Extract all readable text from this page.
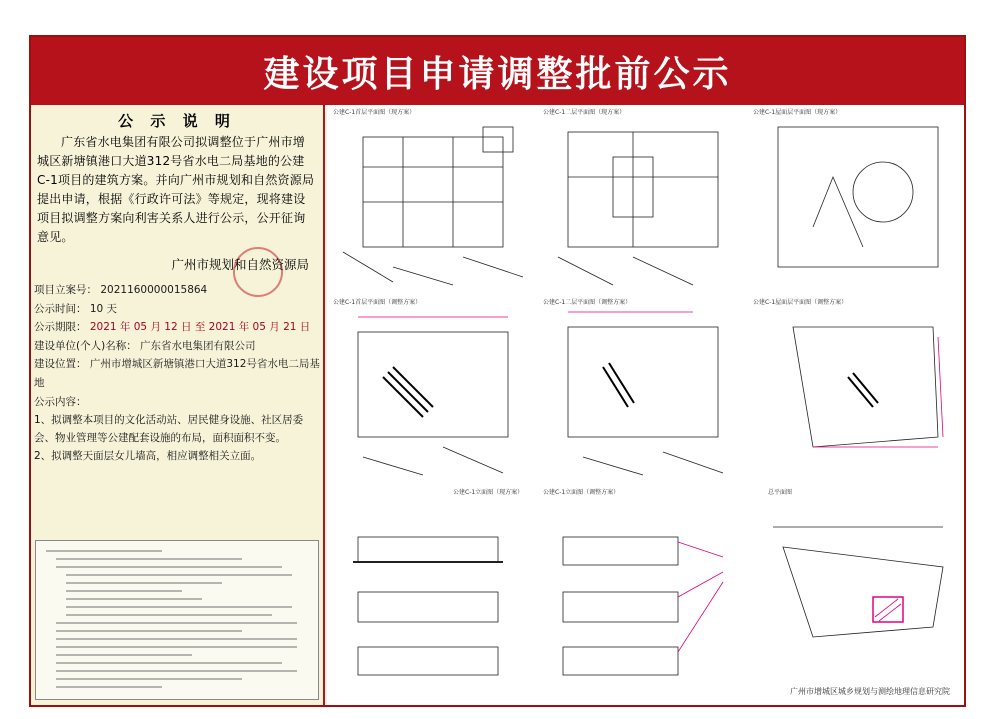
建设项目申请调整批前公示
公 示 说 明
广东省水电集团有限公司拟调整位于广州市增城区新塘镇港口大道312号省水电二局基地的公建C-1项目的建筑方案。并向广州市规划和自然资源局提出申请，根据《行政许可法》等规定，现将建设项目拟调整方案向利害关系人进行公示，公开征询意见。
广州市规划和自然资源局
项目立案号： 2021160000015864
公示时间： 10 天
公示期限： 2021 年 05 月 12 日 至 2021 年 05 月 21 日
建设单位(个人)名称： 广东省水电集团有限公司
建设位置： 广州市增城区新塘镇港口大道312号省水电二局基地
公示内容：
1、拟调整本项目的文化活动站、居民健身设施、社区居委会、物业管理等公建配套设施的布局，面积面积不变。
2、拟调整天面层女儿墙高，相应调整相关立面。
公建C-1首层平面图（现方案）	公建C-1二层平面图（现方案）	公建C-1屋面层平面图（现方案）
公建C-1首层平面图（调整方案）	公建C-1二层平面图（调整方案）	公建C-1屋面层平面图（调整方案）
公建C-1立面图（现方案）	公建C-1立面图（调整方案）	总平面图
广州市增城区城乡规划与测绘地理信息研究院
